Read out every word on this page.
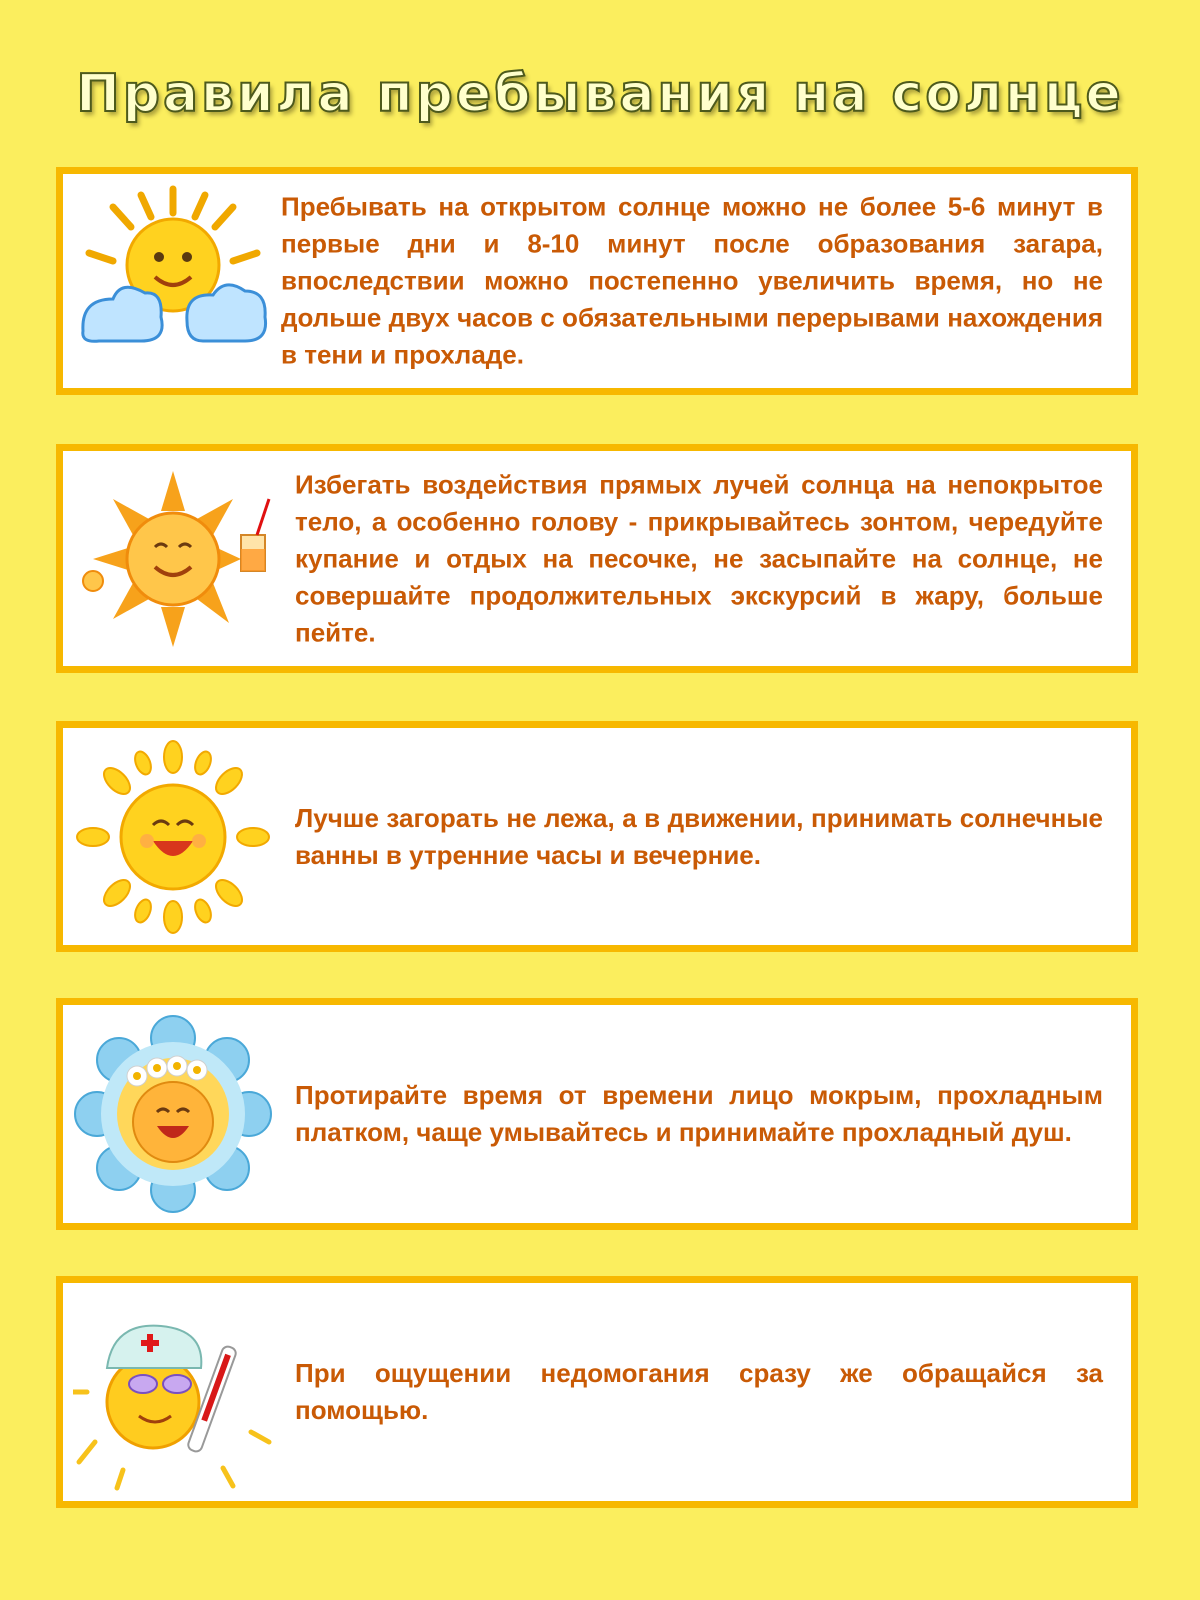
Правила пребывания на солнце
Пребывать на открытом солнце можно не более 5-6 минут в первые дни и 8-10 минут после образования загара, впоследствии можно постепенно увеличить время, но не дольше двух часов с обязательными перерывами нахождения в тени и прохладе.
Избегать воздействия прямых лучей солнца на непокрытое тело, а особенно голову - прикрывайтесь зонтом, чередуйте купание и отдых на песочке, не засыпайте на солнце, не совершайте продолжительных экскурсий в жару, больше пейте.
Лучше загорать не лежа, а в движении, принимать солнечные ванны в утренние часы и вечерние.
Протирайте время от времени лицо мокрым, прохладным платком, чаще умывайтесь и принимайте прохладный душ.
При ощущении недомогания сразу же обращайся за помощью.
